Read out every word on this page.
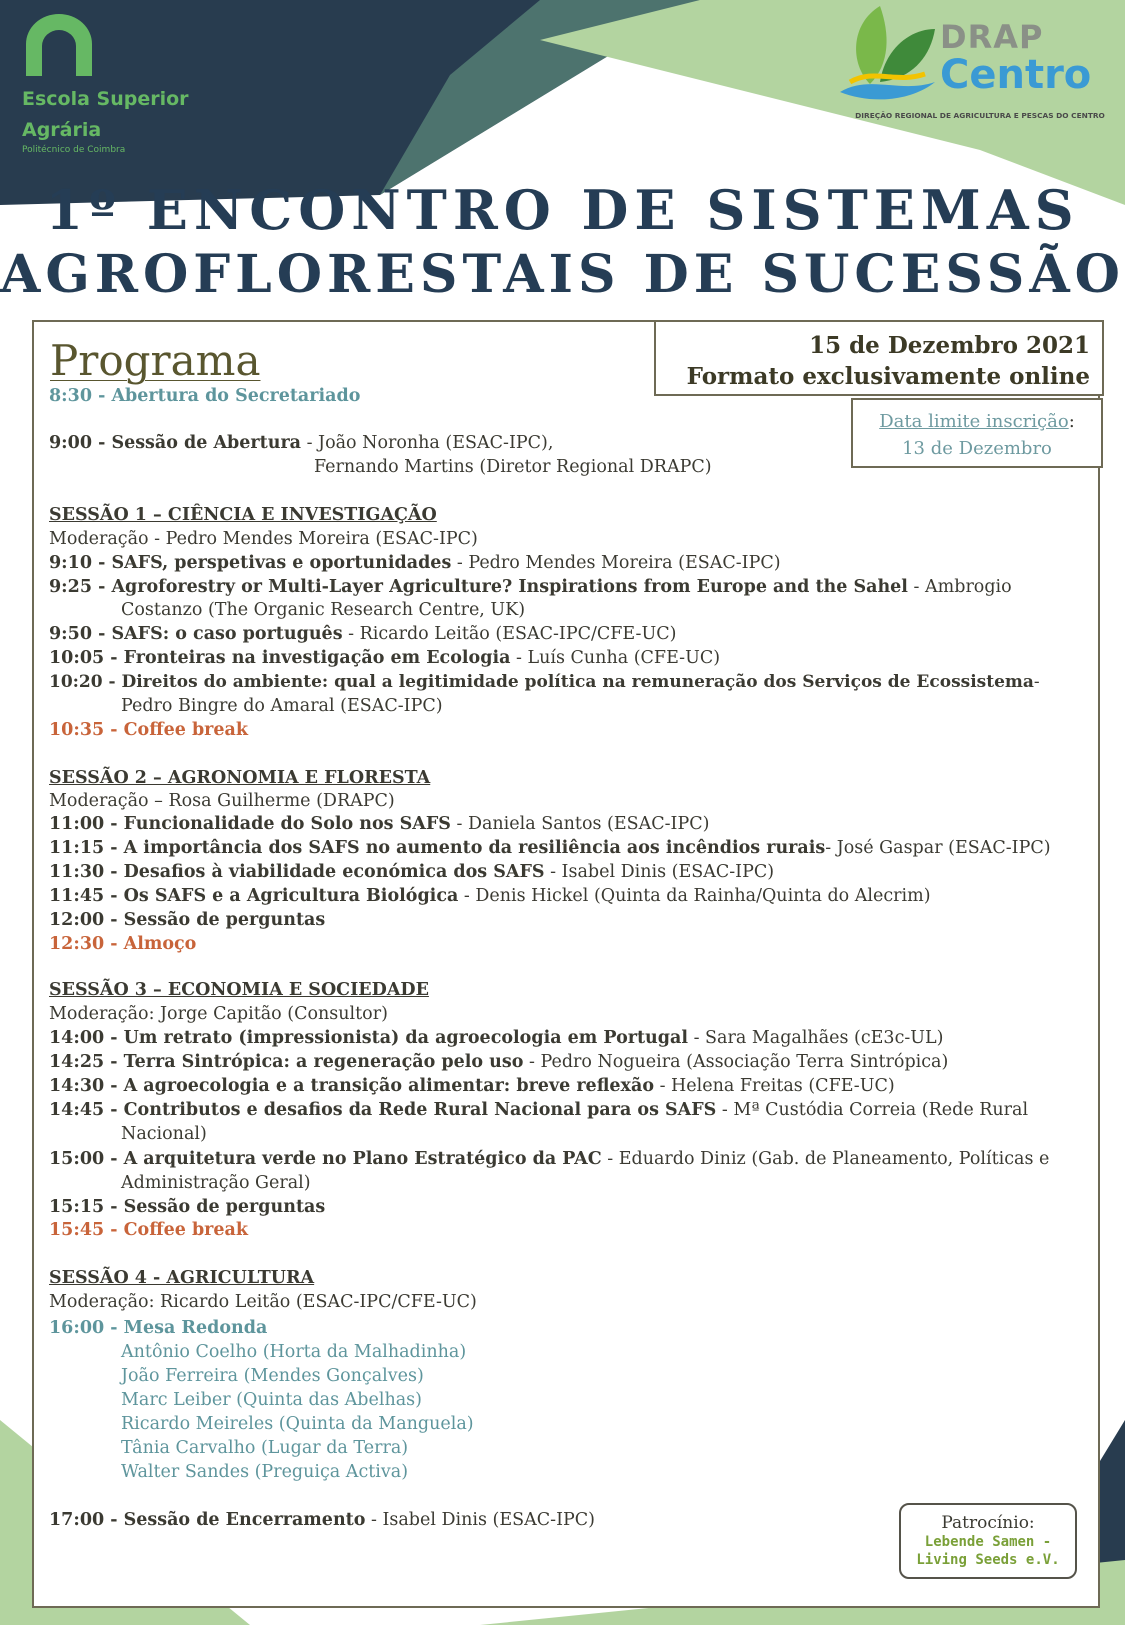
Escola Superior
Agrária
Politécnico de Coimbra
DRAP
Centro
DIREÇÃO REGIONAL DE AGRICULTURA E PESCAS DO CENTRO
1º ENCONTRO DE SISTEMAS
AGROFLORESTAIS DE SUCESSÃO
Programa	15 de Dezembro 2021
Formato exclusivamente online
Data limite inscrição:
13 de Dezembro
8:30 - Abertura do Secretariado
9:00 - Sessão de Abertura - João Noronha (ESAC-IPC),
Fernando Martins (Diretor Regional DRAPC)
SESSÃO 1 – CIÊNCIA E INVESTIGAÇÃO
Moderação - Pedro Mendes Moreira (ESAC-IPC)
9:10 - SAFS, perspetivas e oportunidades - Pedro Mendes Moreira (ESAC-IPC)
9:25 - Agroforestry or Multi-Layer Agriculture? Inspirations from Europe and the Sahel - Ambrogio
Costanzo (The Organic Research Centre, UK)
9:50 - SAFS: o caso português - Ricardo Leitão (ESAC-IPC/CFE-UC)
10:05 - Fronteiras na investigação em Ecologia - Luís Cunha (CFE-UC)
10:20 - Direitos do ambiente: qual a legitimidade política na remuneração dos Serviços de Ecossistema-
Pedro Bingre do Amaral (ESAC-IPC)
10:35 - Coffee break
SESSÃO 2 – AGRONOMIA E FLORESTA
Moderação – Rosa Guilherme (DRAPC)
11:00 - Funcionalidade do Solo nos SAFS - Daniela Santos (ESAC-IPC)
11:15 - A importância dos SAFS no aumento da resiliência aos incêndios rurais- José Gaspar (ESAC-IPC)
11:30 - Desafios à viabilidade económica dos SAFS - Isabel Dinis (ESAC-IPC)
11:45 - Os SAFS e a Agricultura Biológica - Denis Hickel (Quinta da Rainha/Quinta do Alecrim)
12:00 - Sessão de perguntas
12:30 - Almoço
SESSÃO 3 – ECONOMIA E SOCIEDADE
Moderação: Jorge Capitão (Consultor)
14:00 - Um retrato (impressionista) da agroecologia em Portugal - Sara Magalhães (cE3c-UL)
14:25 - Terra Sintrópica: a regeneração pelo uso - Pedro Nogueira (Associação Terra Sintrópica)
14:30 - A agroecologia e a transição alimentar: breve reflexão - Helena Freitas (CFE-UC)
14:45 - Contributos e desafios da Rede Rural Nacional para os SAFS - Mª Custódia Correia (Rede Rural
Nacional)
15:00 - A arquitetura verde no Plano Estratégico da PAC - Eduardo Diniz (Gab. de Planeamento, Políticas e
Administração Geral)
15:15 - Sessão de perguntas
15:45 - Coffee break
SESSÃO 4 - AGRICULTURA
Moderação: Ricardo Leitão (ESAC-IPC/CFE-UC)
16:00 - Mesa Redonda
Antônio Coelho (Horta da Malhadinha)
João Ferreira (Mendes Gonçalves)
Marc Leiber (Quinta das Abelhas)
Ricardo Meireles (Quinta da Manguela)
Tânia Carvalho (Lugar da Terra)
Walter Sandes (Preguiça Activa)
17:00 - Sessão de Encerramento - Isabel Dinis (ESAC-IPC)	Patrocínio:
Lebende Samen -
Living Seeds e.V.
